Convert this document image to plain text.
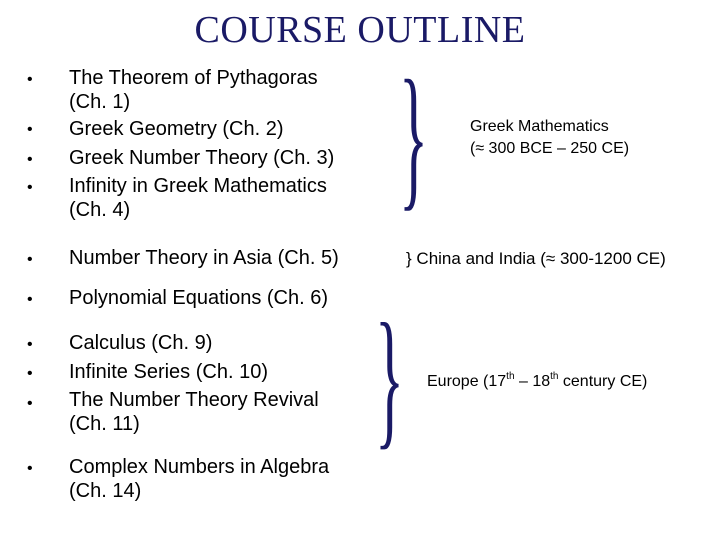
COURSE OUTLINE
•
•
•
•
•
•
•
•
•
•
The Theorem of Pythagoras
(Ch. 1)
Greek Geometry (Ch. 2)
Greek Number Theory (Ch. 3)
Infinity in Greek Mathematics
(Ch. 4)
Number Theory in Asia (Ch. 5)
Polynomial Equations (Ch. 6)
Calculus (Ch. 9)
Infinite Series (Ch. 10)
The Number Theory Revival
(Ch. 11)
Complex Numbers in Algebra
(Ch. 14)
}
}
Greek Mathematics
(≈ 300 BCE – 250 CE)
} China and India (≈ 300-1200 CE)
Europe (17th – 18th century CE)
